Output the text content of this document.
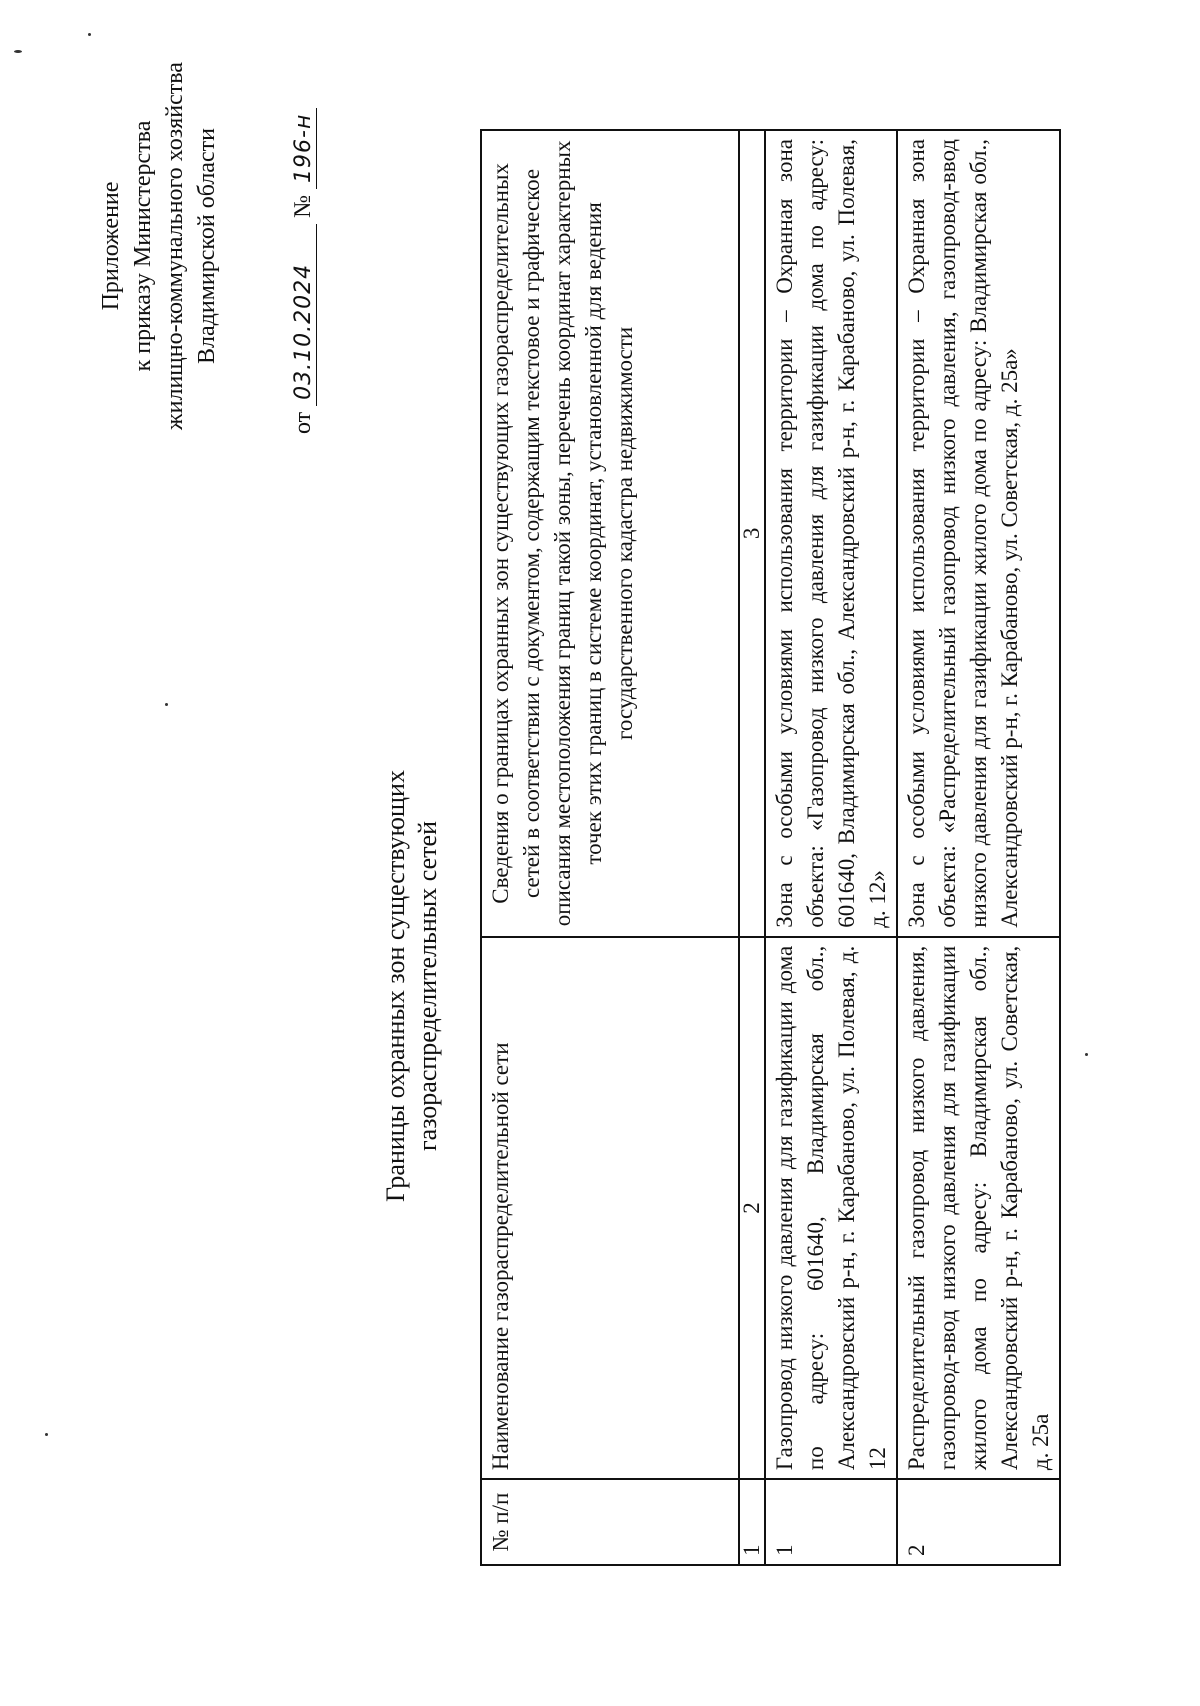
Приложение к приказу Министерства жилищно-коммунального хозяйства Владимирской области
от 03.10.2024 № 196-н
Границы охранных зон существующих газораспределительных сетей
№ п/п	Наименование газораспределительной сети	Сведения о границах охранных зон существующих газораспределительных сетей в соответствии с документом, содержащим текстовое и графическое описания местоположения границ такой зоны, перечень координат характерных точек этих границ в системе координат, установленной для ведения государственного кадастра недвижимости
1	2	3
1	Газопровод низкого давления для газификации дома по адресу: 601640, Владимирская обл., Александровский р-н, г. Карабаново, ул. Полевая, д. 12	Зона с особыми условиями использования территории – Охранная зона объекта: «Газопровод низкого давления для газификации дома по адресу: 601640, Владимирская обл., Александровский р-н, г. Карабаново, ул. Полевая, д. 12»
2	Распределительный газопровод низкого давления, газопровод-ввод низкого давления для газификации жилого дома по адресу: Владимирская обл., Александровский р-н, г. Карабаново, ул. Советская, д. 25а	Зона с особыми условиями использования территории – Охранная зона объекта: «Распределительный газопровод низкого давления, газопровод-ввод низкого давления для газификации жилого дома по адресу: Владимирская обл., Александровский р-н, г. Карабаново, ул. Советская, д. 25а»
